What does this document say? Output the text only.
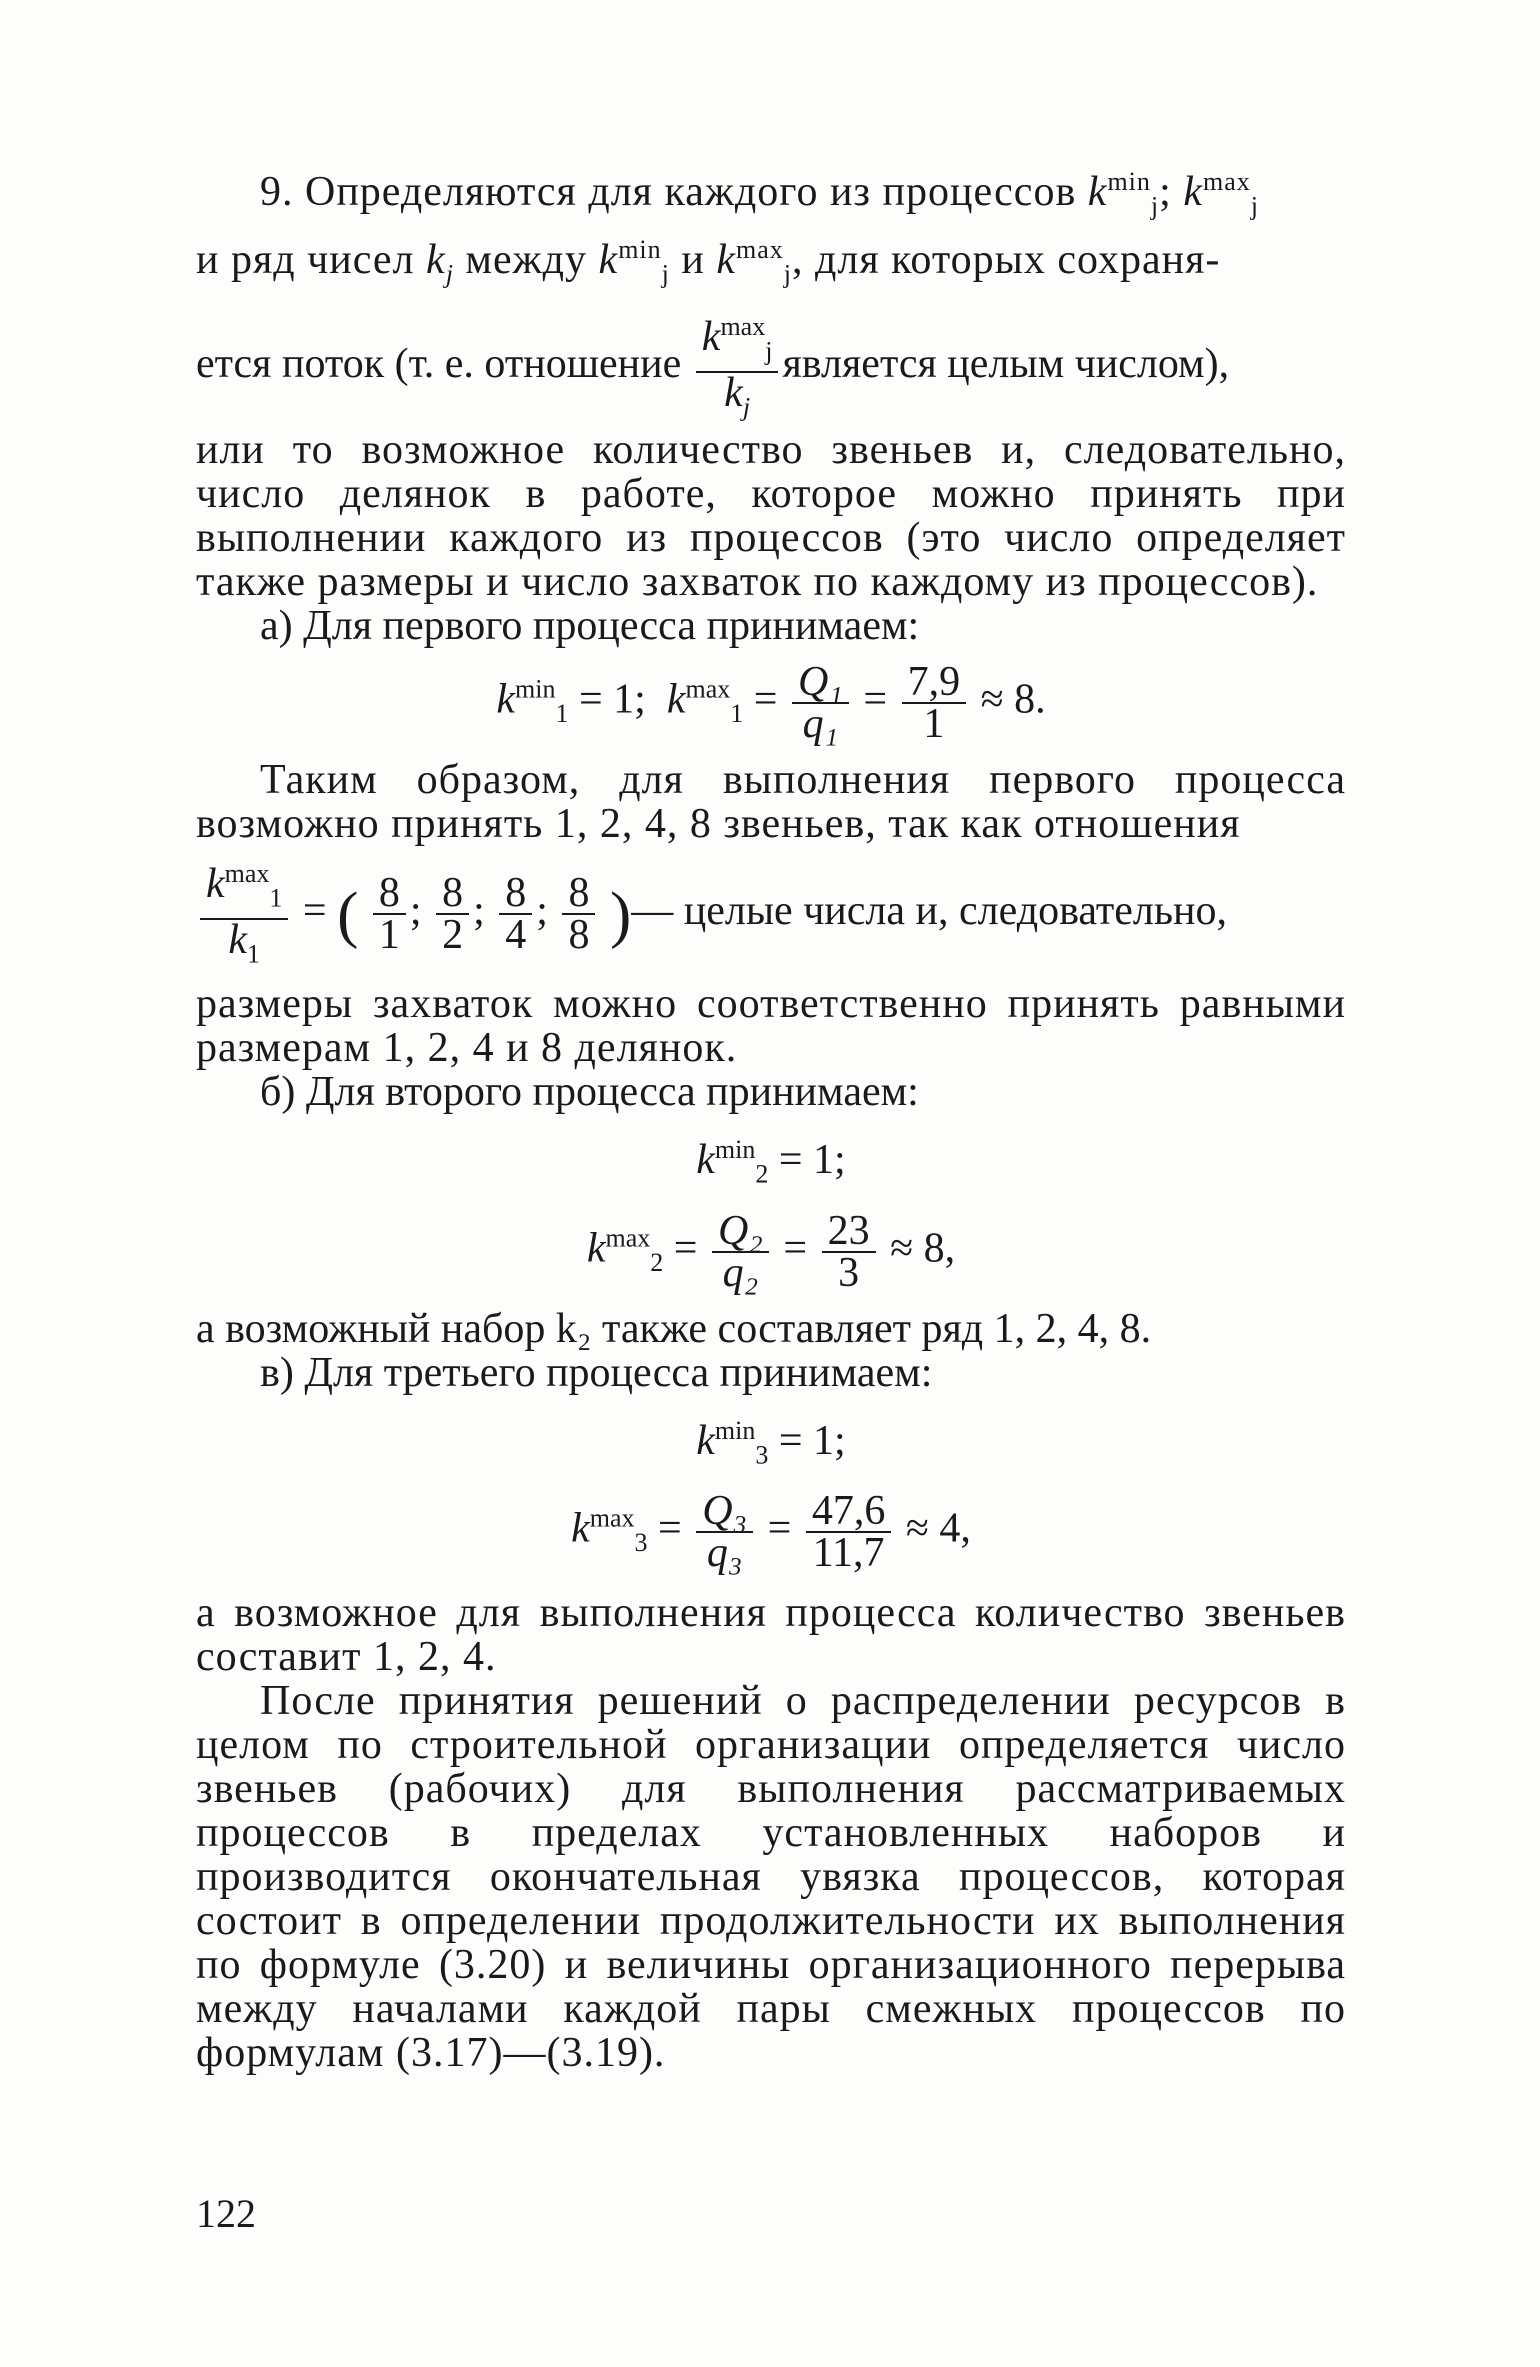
9. Определяются для каждого из процессов $k^{min}_j$; $k^{max}_j$

и ряд чисел $k_j$ между $k^{min}_j$ и $k^{max}_j$, для которых сохраня-

ется поток (т. е. отношение $\frac{k^{max}_j}{k_j}$ является целым числом),

или то возможное количество звеньев и, следовательно, число делянок в работе, которое можно принять при выполнении каждого из процессов (это число определяет также размеры и число захваток по каждому из процессов).

а) Для первого процесса принимаем:

$k^{min}_1 = 1$; $k^{max}_1 = \frac{\text{Q₁}}{\text{q₁}} = \frac{7,9}{1} \approx 8$.

Таким образом, для выполнения первого процесса возможно принять 1, 2, 4, 8 звеньев, так как отношения

$\frac{k^{max}_1}{k_1}$ = ( $\frac{8}{1}$ ; $\frac{8}{2}$ ; $\frac{8}{4}$ ; $\frac{8}{8}$ )— целые числа и, следовательно,

размеры захваток можно соответственно принять равными размерам 1, 2, 4 и 8 делянок.

б) Для второго процесса принимаем:

$k^{min}_2 = 1$;
$k^{max}_2 = \frac{\text{Q₂}}{\text{q₂}} = \frac{23}{3} \approx 8$,

а возможный набор k₂ также составляет ряд 1, 2, 4, 8.

в) Для третьего процесса принимаем:

$k^{min}_3 = 1$;
$k^{max}_3 = \frac{\text{Q₃}}{\text{q₃}} = \frac{47,6}{11,7} \approx 4$,

а возможное для выполнения процесса количество звеньев составит 1, 2, 4.

После принятия решений о распределении ресурсов в целом по строительной организации определяется число звеньев (рабочих) для выполнения рассматриваемых процессов в пределах установленных наборов и производится окончательная увязка процессов, которая состоит в определении продолжительности их выполнения по формуле (3.20) и величины организационного перерыва между началами каждой пары смежных процессов по формулам (3.17)—(3.19).

122
